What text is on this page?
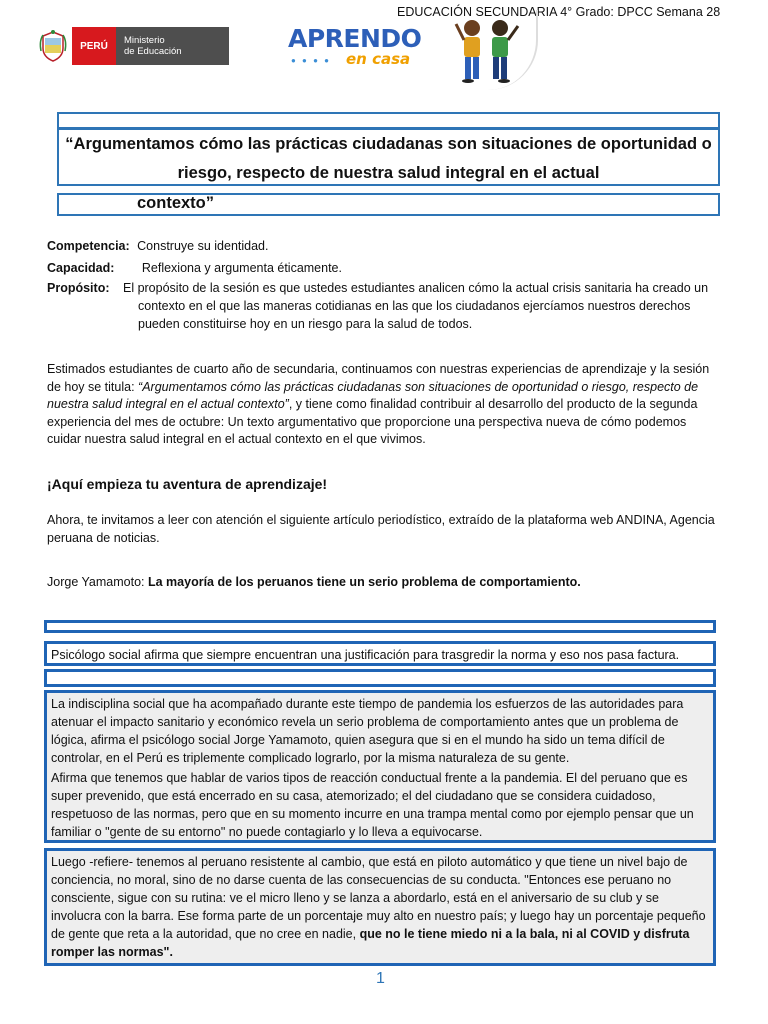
EDUCACIÓN SECUNDARIA 4° Grado: DPCC Semana 28
PERÚ	Ministerio
de Educación	APRENDO
● ● ● ● en casa
“Argumentamos cómo las prácticas ciudadanas son situaciones de oportunidad o riesgo, respecto de nuestra salud integral en el actual
contexto”
Competencia: Construye su identidad.
Capacidad: Reflexiona y argumenta éticamente.
Propósito: El propósito de la sesión es que ustedes estudiantes analicen cómo la actual crisis sanitaria ha creado un
contexto en el que las maneras cotidianas en las que los ciudadanos ejercíamos nuestros derechos
pueden constituirse hoy en un riesgo para la salud de todos.
Estimados estudiantes de cuarto año de secundaria, continuamos con nuestras experiencias de aprendizaje y la sesión de hoy se titula: “Argumentamos cómo las prácticas ciudadanas son situaciones de oportunidad o riesgo, respecto de nuestra salud integral en el actual contexto”, y tiene como finalidad contribuir al desarrollo del producto de la segunda experiencia del mes de octubre: Un texto argumentativo que proporcione una perspectiva nueva de cómo podemos cuidar nuestra salud integral en el actual contexto en el que vivimos.
¡Aquí empieza tu aventura de aprendizaje!
Ahora, te invitamos a leer con atención el siguiente artículo periodístico, extraído de la plataforma web ANDINA, Agencia peruana de noticias.
Jorge Yamamoto: La mayoría de los peruanos tiene un serio problema de comportamiento.
Psicólogo social afirma que siempre encuentran una justificación para trasgredir la norma y eso nos pasa factura.
La indisciplina social que ha acompañado durante este tiempo de pandemia los esfuerzos de las autoridades para atenuar el impacto sanitario y económico revela un serio problema de comportamiento antes que un problema de lógica, afirma el psicólogo social Jorge Yamamoto, quien asegura que si en el mundo ha sido un tema difícil de controlar, en el Perú es triplemente complicado lograrlo, por la misma naturaleza de su gente.
Afirma que tenemos que hablar de varios tipos de reacción conductual frente a la pandemia. El del peruano que es super prevenido, que está encerrado en su casa, atemorizado; el del ciudadano que se considera cuidadoso, respetuoso de las normas, pero que en su momento incurre en una trampa mental como por ejemplo pensar que un familiar o "gente de su entorno" no puede contagiarlo y lo lleva a equivocarse.
Luego -refiere- tenemos al peruano resistente al cambio, que está en piloto automático y que tiene un nivel bajo de conciencia, no moral, sino de no darse cuenta de las consecuencias de su conducta. "Entonces ese peruano no consciente, sigue con su rutina: ve el micro lleno y se lanza a abordarlo, está en el aniversario de su club y se involucra con la barra. Ese forma parte de un porcentaje muy alto en nuestro país; y luego hay un porcentaje pequeño de gente que reta a la autoridad, que no cree en nadie, que no le tiene miedo ni a la bala, ni al COVID y disfruta romper las normas".
1
